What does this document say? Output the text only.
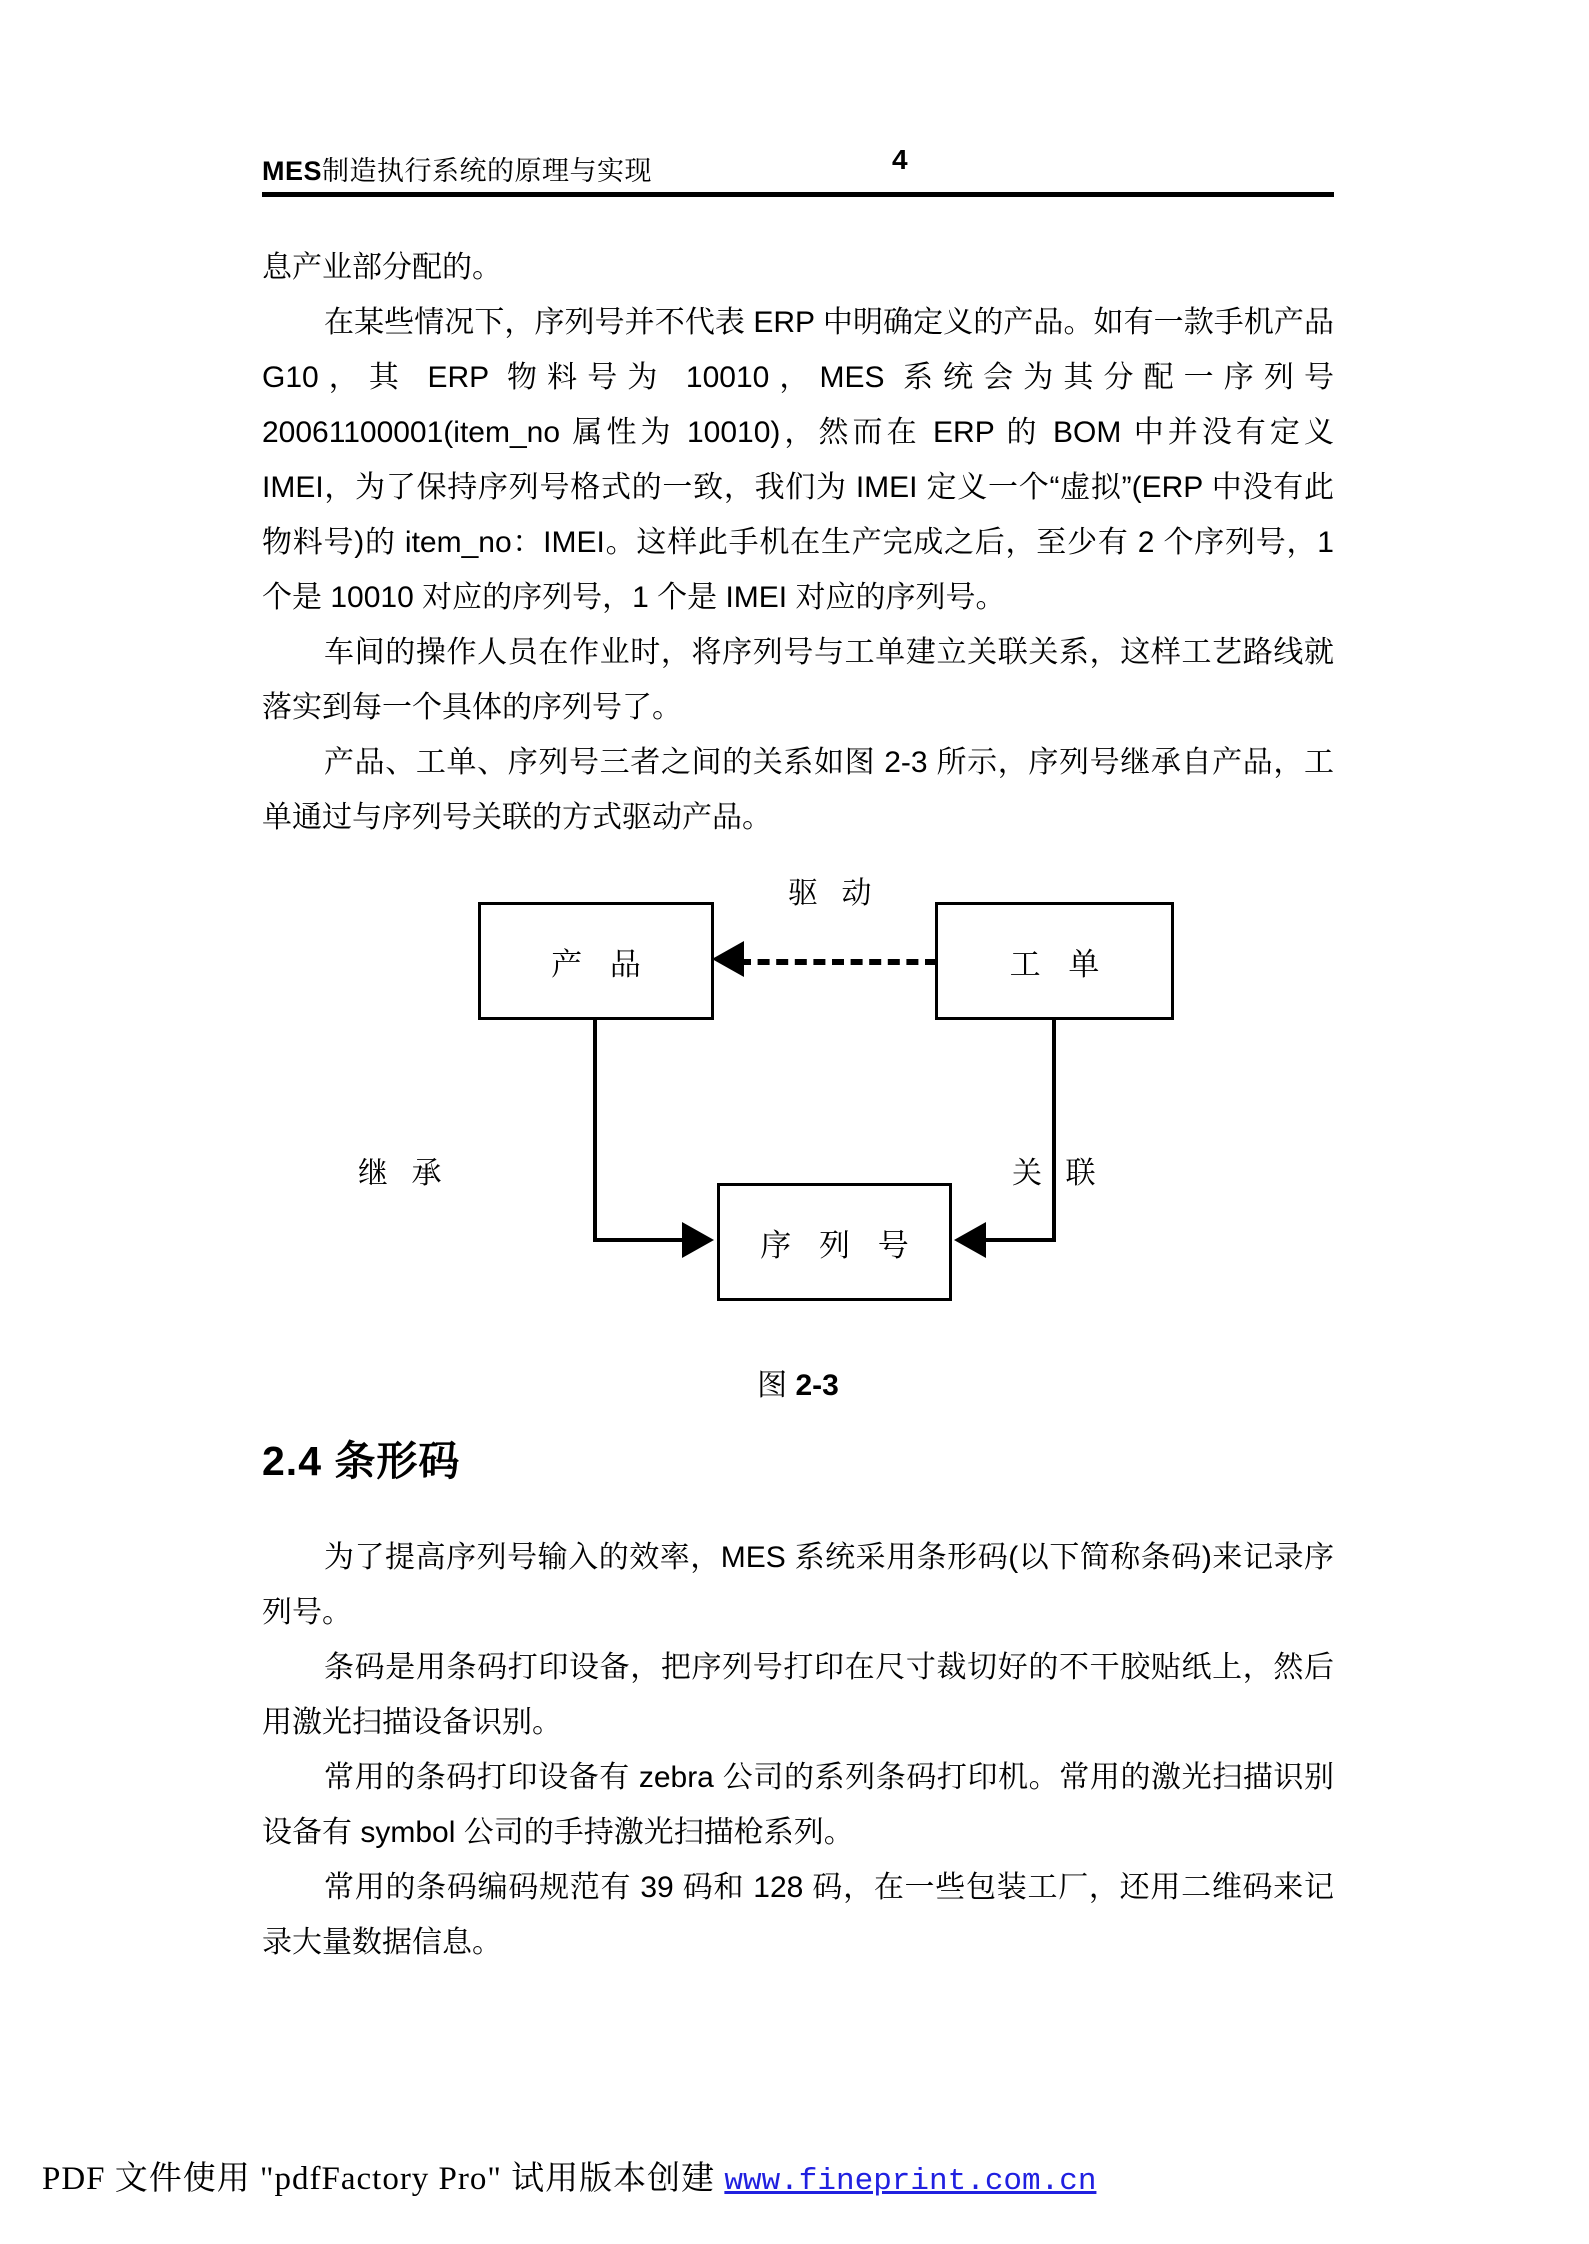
MES制造执行系统的原理与实现	4

息产业部分配的。

在某些情况下，序列号并不代表 ERP 中明确定义的产品。如有一款手机产品 G10，其 ERP 物料号为 10010，MES 系统会为其分配一序列号 20061100001(item_no 属性为 10010)，然而在 ERP 的 BOM 中并没有定义 IMEI，为了保持序列号格式的一致，我们为 IMEI 定义一个“虚拟”(ERP 中没有此物料号)的 item_no：IMEI。这样此手机在生产完成之后，至少有 2 个序列号，1 个是 10010 对应的序列号，1 个是 IMEI 对应的序列号。

车间的操作人员在作业时，将序列号与工单建立关联关系，这样工艺路线就落实到每一个具体的序列号了。

产品、工单、序列号三者之间的关系如图 2-3 所示，序列号继承自产品，工单通过与序列号关联的方式驱动产品。

产 品	工 单
序 列 号
驱 动
继 承	关 联
图 2-3
2.4 条形码

为了提高序列号输入的效率，MES 系统采用条形码(以下简称条码)来记录序列号。

条码是用条码打印设备，把序列号打印在尺寸裁切好的不干胶贴纸上，然后用激光扫描设备识别。

常用的条码打印设备有 zebra 公司的系列条码打印机。常用的激光扫描识别设备有 symbol 公司的手持激光扫描枪系列。

常用的条码编码规范有 39 码和 128 码，在一些包装工厂，还用二维码来记录大量数据信息。

PDF 文件使用 "pdfFactory Pro" 试用版本创建 www.fineprint.com.cn
